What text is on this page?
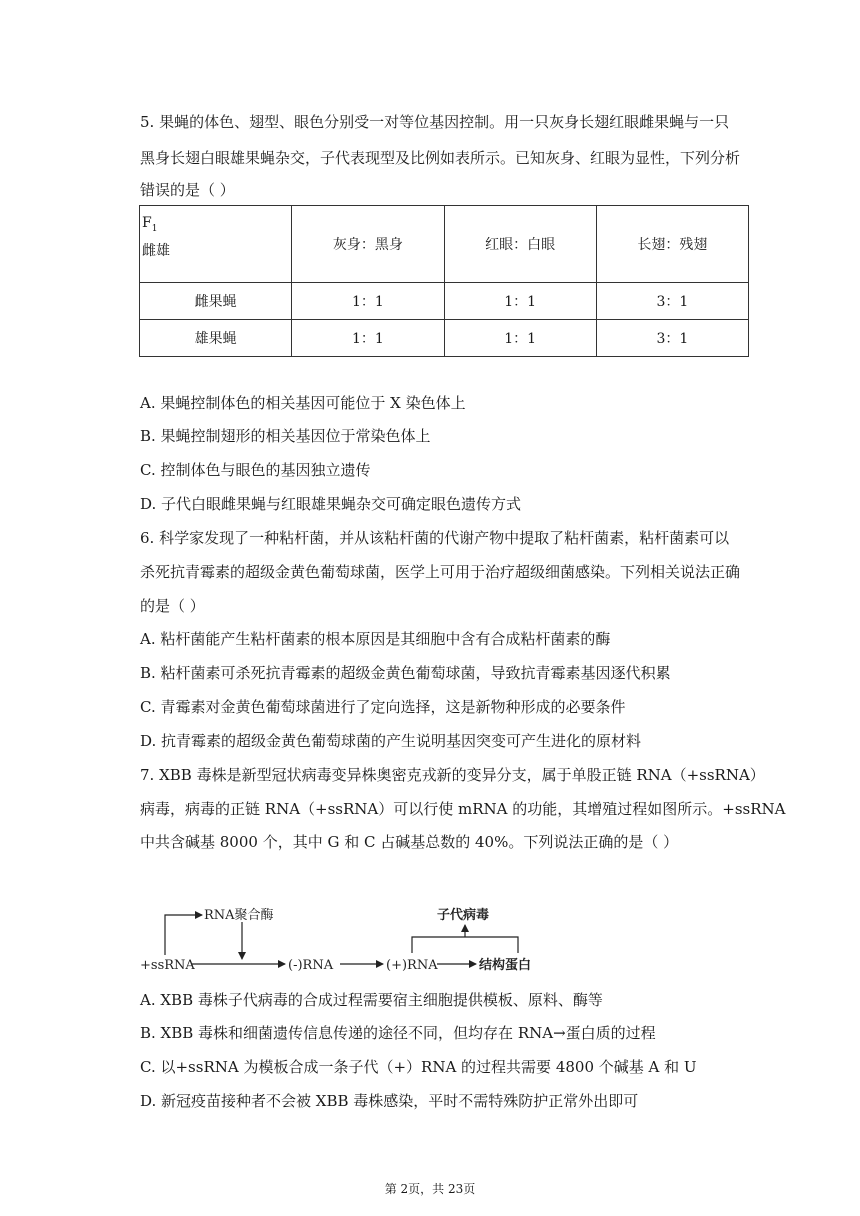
5. 果蝇的体色、翅型、眼色分别受一对等位基因控制。用一只灰身长翅红眼雌果蝇与一只
黑身长翅白眼雄果蝇杂交，子代表现型及比例如表所示。已知灰身、红眼为显性，下列分析
错误的是（ ）
$F_1$
雌雄	灰身：黑身	红眼：白眼	长翅：残翅
雌果蝇	1：1	1：1	3：1
雄果蝇	1：1	1：1	3：1
A. 果蝇控制体色的相关基因可能位于 X 染色体上
B. 果蝇控制翅形的相关基因位于常染色体上
C. 控制体色与眼色的基因独立遗传
D. 子代白眼雌果蝇与红眼雄果蝇杂交可确定眼色遗传方式
6. 科学家发现了一种粘杆菌，并从该粘杆菌的代谢产物中提取了粘杆菌素，粘杆菌素可以
杀死抗青霉素的超级金黄色葡萄球菌，医学上可用于治疗超级细菌感染。下列相关说法正确
的是（ ）
A. 粘杆菌能产生粘杆菌素的根本原因是其细胞中含有合成粘杆菌素的酶
B. 粘杆菌素可杀死抗青霉素的超级金黄色葡萄球菌，导致抗青霉素基因逐代积累
C. 青霉素对金黄色葡萄球菌进行了定向选择，这是新物种形成的必要条件
D. 抗青霉素的超级金黄色葡萄球菌的产生说明基因突变可产生进化的原材料
7. XBB 毒株是新型冠状病毒变异株奥密克戎新的变异分支，属于单股正链 RNA（+ssRNA）
病毒，病毒的正链 RNA（+ssRNA）可以行使 mRNA 的功能，其增殖过程如图所示。+ssRNA
中共含碱基 8000 个，其中 G 和 C 占碱基总数的 40%。下列说法正确的是（ ）
+ssRNA
RNA聚合酶
(-)RNA	(+)RNA	结构蛋白
子代病毒
A. XBB 毒株子代病毒的合成过程需要宿主细胞提供模板、原料、酶等
B. XBB 毒株和细菌遗传信息传递的途径不同，但均存在 RNA→蛋白质的过程
C. 以+ssRNA 为模板合成一条子代（+）RNA 的过程共需要 4800 个碱基 A 和 U
D. 新冠疫苗接种者不会被 XBB 毒株感染，平时不需特殊防护正常外出即可
第 2页，共 23页
